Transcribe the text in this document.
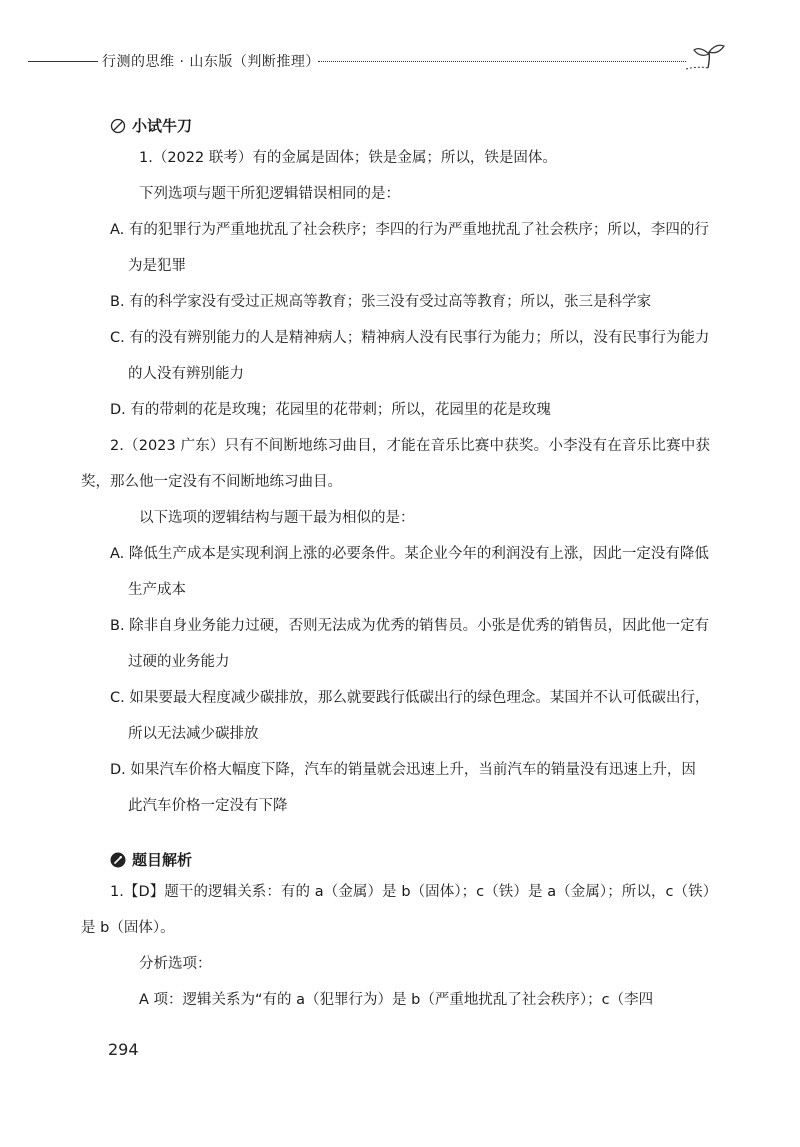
行测的思维 · 山东版（判断推理）
小试牛刀

1.（2022 联考）有的金属是固体；铁是金属；所以，铁是固体。

下列选项与题干所犯逻辑错误相同的是：

A. 有的犯罪行为严重地扰乱了社会秩序；李四的行为严重地扰乱了社会秩序；所以，李四的行为是犯罪

B. 有的科学家没有受过正规高等教育；张三没有受过高等教育；所以，张三是科学家

C. 有的没有辨别能力的人是精神病人；精神病人没有民事行为能力；所以，没有民事行为能力的人没有辨别能力

D. 有的带刺的花是玫瑰；花园里的花带刺；所以，花园里的花是玫瑰

2.（2023 广东）只有不间断地练习曲目，才能在音乐比赛中获奖。小李没有在音乐比赛中获奖，那么他一定没有不间断地练习曲目。

以下选项的逻辑结构与题干最为相似的是：

A. 降低生产成本是实现利润上涨的必要条件。某企业今年的利润没有上涨，因此一定没有降低生产成本

B. 除非自身业务能力过硬，否则无法成为优秀的销售员。小张是优秀的销售员，因此他一定有过硬的业务能力

C. 如果要最大程度减少碳排放，那么就要践行低碳出行的绿色理念。某国并不认可低碳出行，所以无法减少碳排放

D. 如果汽车价格大幅度下降，汽车的销量就会迅速上升，当前汽车的销量没有迅速上升，因此汽车价格一定没有下降

题目解析

1.【D】题干的逻辑关系：有的 a（金属）是 b（固体）；c（铁）是 a（金属）；所以，c（铁）是 b（固体）。

分析选项：

A 项：逻辑关系为“有的 a（犯罪行为）是 b（严重地扰乱了社会秩序）；c（李四

294
